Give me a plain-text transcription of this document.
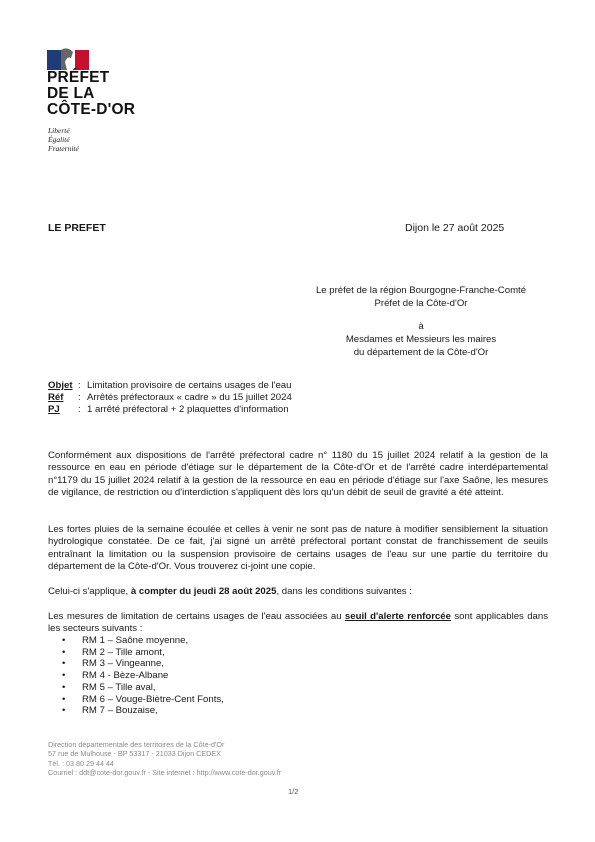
PRÉFET
DE LA
CÔTE-D'OR
Liberté
Égalité
Fraternité
LE PREFET	Dijon le 27 août 2025
Le préfet de la région Bourgogne-Franche-Comté
Préfet de la Côte-d'Or
à
Mesdames et Messieurs les maires
du département de la Côte-d'Or
Objet : Limitation provisoire de certains usages de l'eau
Réf	: Arrêtés préfectoraux « cadre » du 15 juillet 2024
PJ	: 1 arrêté préfectoral + 2 plaquettes d'information
Conformément aux dispositions de l'arrêté préfectoral cadre n° 1180 du 15 juillet 2024 relatif à la gestion de la ressource en eau en période d'étiage sur le département de la Côte-d'Or et de l'arrêté cadre interdépartemental n°1179 du 15 juillet 2024 relatif à la gestion de la ressource en eau en période d'étiage sur l'axe Saône, les mesures de vigilance, de restriction ou d'interdiction s'appliquent dès lors qu'un débit de seuil de gravité a été atteint.
Les fortes pluies de la semaine écoulée et celles à venir ne sont pas de nature à modifier sensiblement la situation hydrologique constatée. De ce fait, j'ai signé un arrêté préfectoral portant constat de franchissement de seuils entraînant la limitation ou la suspension provisoire de certains usages de l'eau sur une partie du territoire du département de la Côte-d'Or. Vous trouverez ci-joint une copie.
Celui-ci s'applique, à compter du jeudi 28 août 2025, dans les conditions suivantes :
Les mesures de limitation de certains usages de l'eau associées au seuil d'alerte renforcée sont applicables dans les secteurs suivants :
•	RM 1 – Saône moyenne,
•	RM 2 – Tille amont,
•	RM 3 – Vingeanne,
•	RM 4 - Bèze-Albane
•	RM 5 – Tille aval,
•	RM 6 – Vouge-Biètre-Cent Fonts,
•	RM 7 – Bouzaise,
Direction départementale des territoires de la Côte-d'Or
57 rue de Mulhouse - BP 53317 - 21033 Dijon CEDEX
Tél. : 03 80 29 44 44
Courriel : ddt@cote-dor.gouv.fr - Site internet : http://www.cote-dor.gouv.fr
1/2
